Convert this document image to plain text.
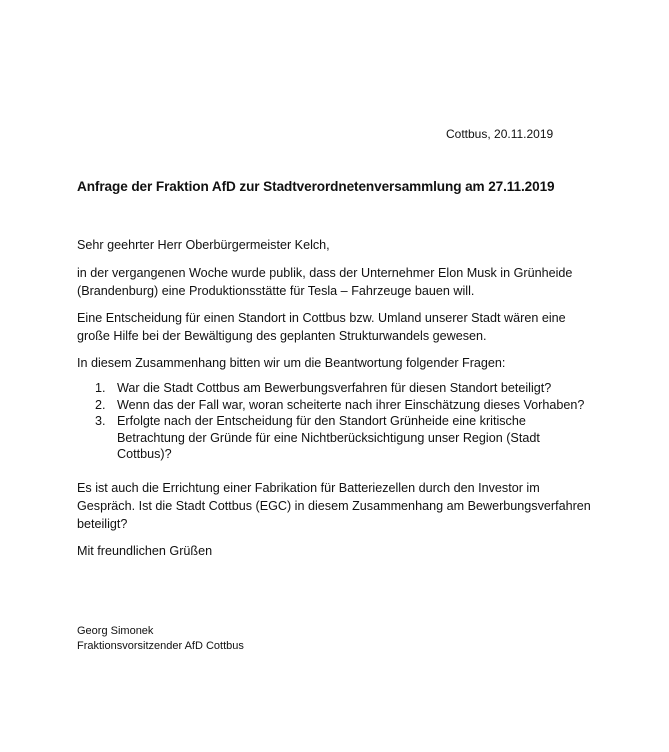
Cottbus, 20.11.2019
Anfrage der Fraktion AfD zur Stadtverordnetenversammlung am 27.11.2019
Sehr geehrter Herr Oberbürgermeister Kelch,
in der vergangenen Woche wurde publik, dass der Unternehmer Elon Musk in Grünheide (Brandenburg) eine Produktionsstätte für Tesla – Fahrzeuge bauen will.
Eine Entscheidung für einen Standort in Cottbus bzw. Umland unserer Stadt wären eine große Hilfe bei der Bewältigung des geplanten Strukturwandels gewesen.
In diesem Zusammenhang bitten wir um die Beantwortung folgender Fragen:
1. War die Stadt Cottbus am Bewerbungsverfahren für diesen Standort beteiligt?
2. Wenn das der Fall war, woran scheiterte nach ihrer Einschätzung dieses Vorhaben?
3. Erfolgte nach der Entscheidung für den Standort Grünheide eine kritische Betrachtung der Gründe für eine Nichtberücksichtigung unser Region (Stadt Cottbus)?
Es ist auch die Errichtung einer Fabrikation für Batteriezellen durch den Investor im Gespräch. Ist die Stadt Cottbus (EGC) in diesem Zusammenhang am Bewerbungsverfahren beteiligt?
Mit freundlichen Grüßen
Georg Simonek
Fraktionsvorsitzender AfD Cottbus
